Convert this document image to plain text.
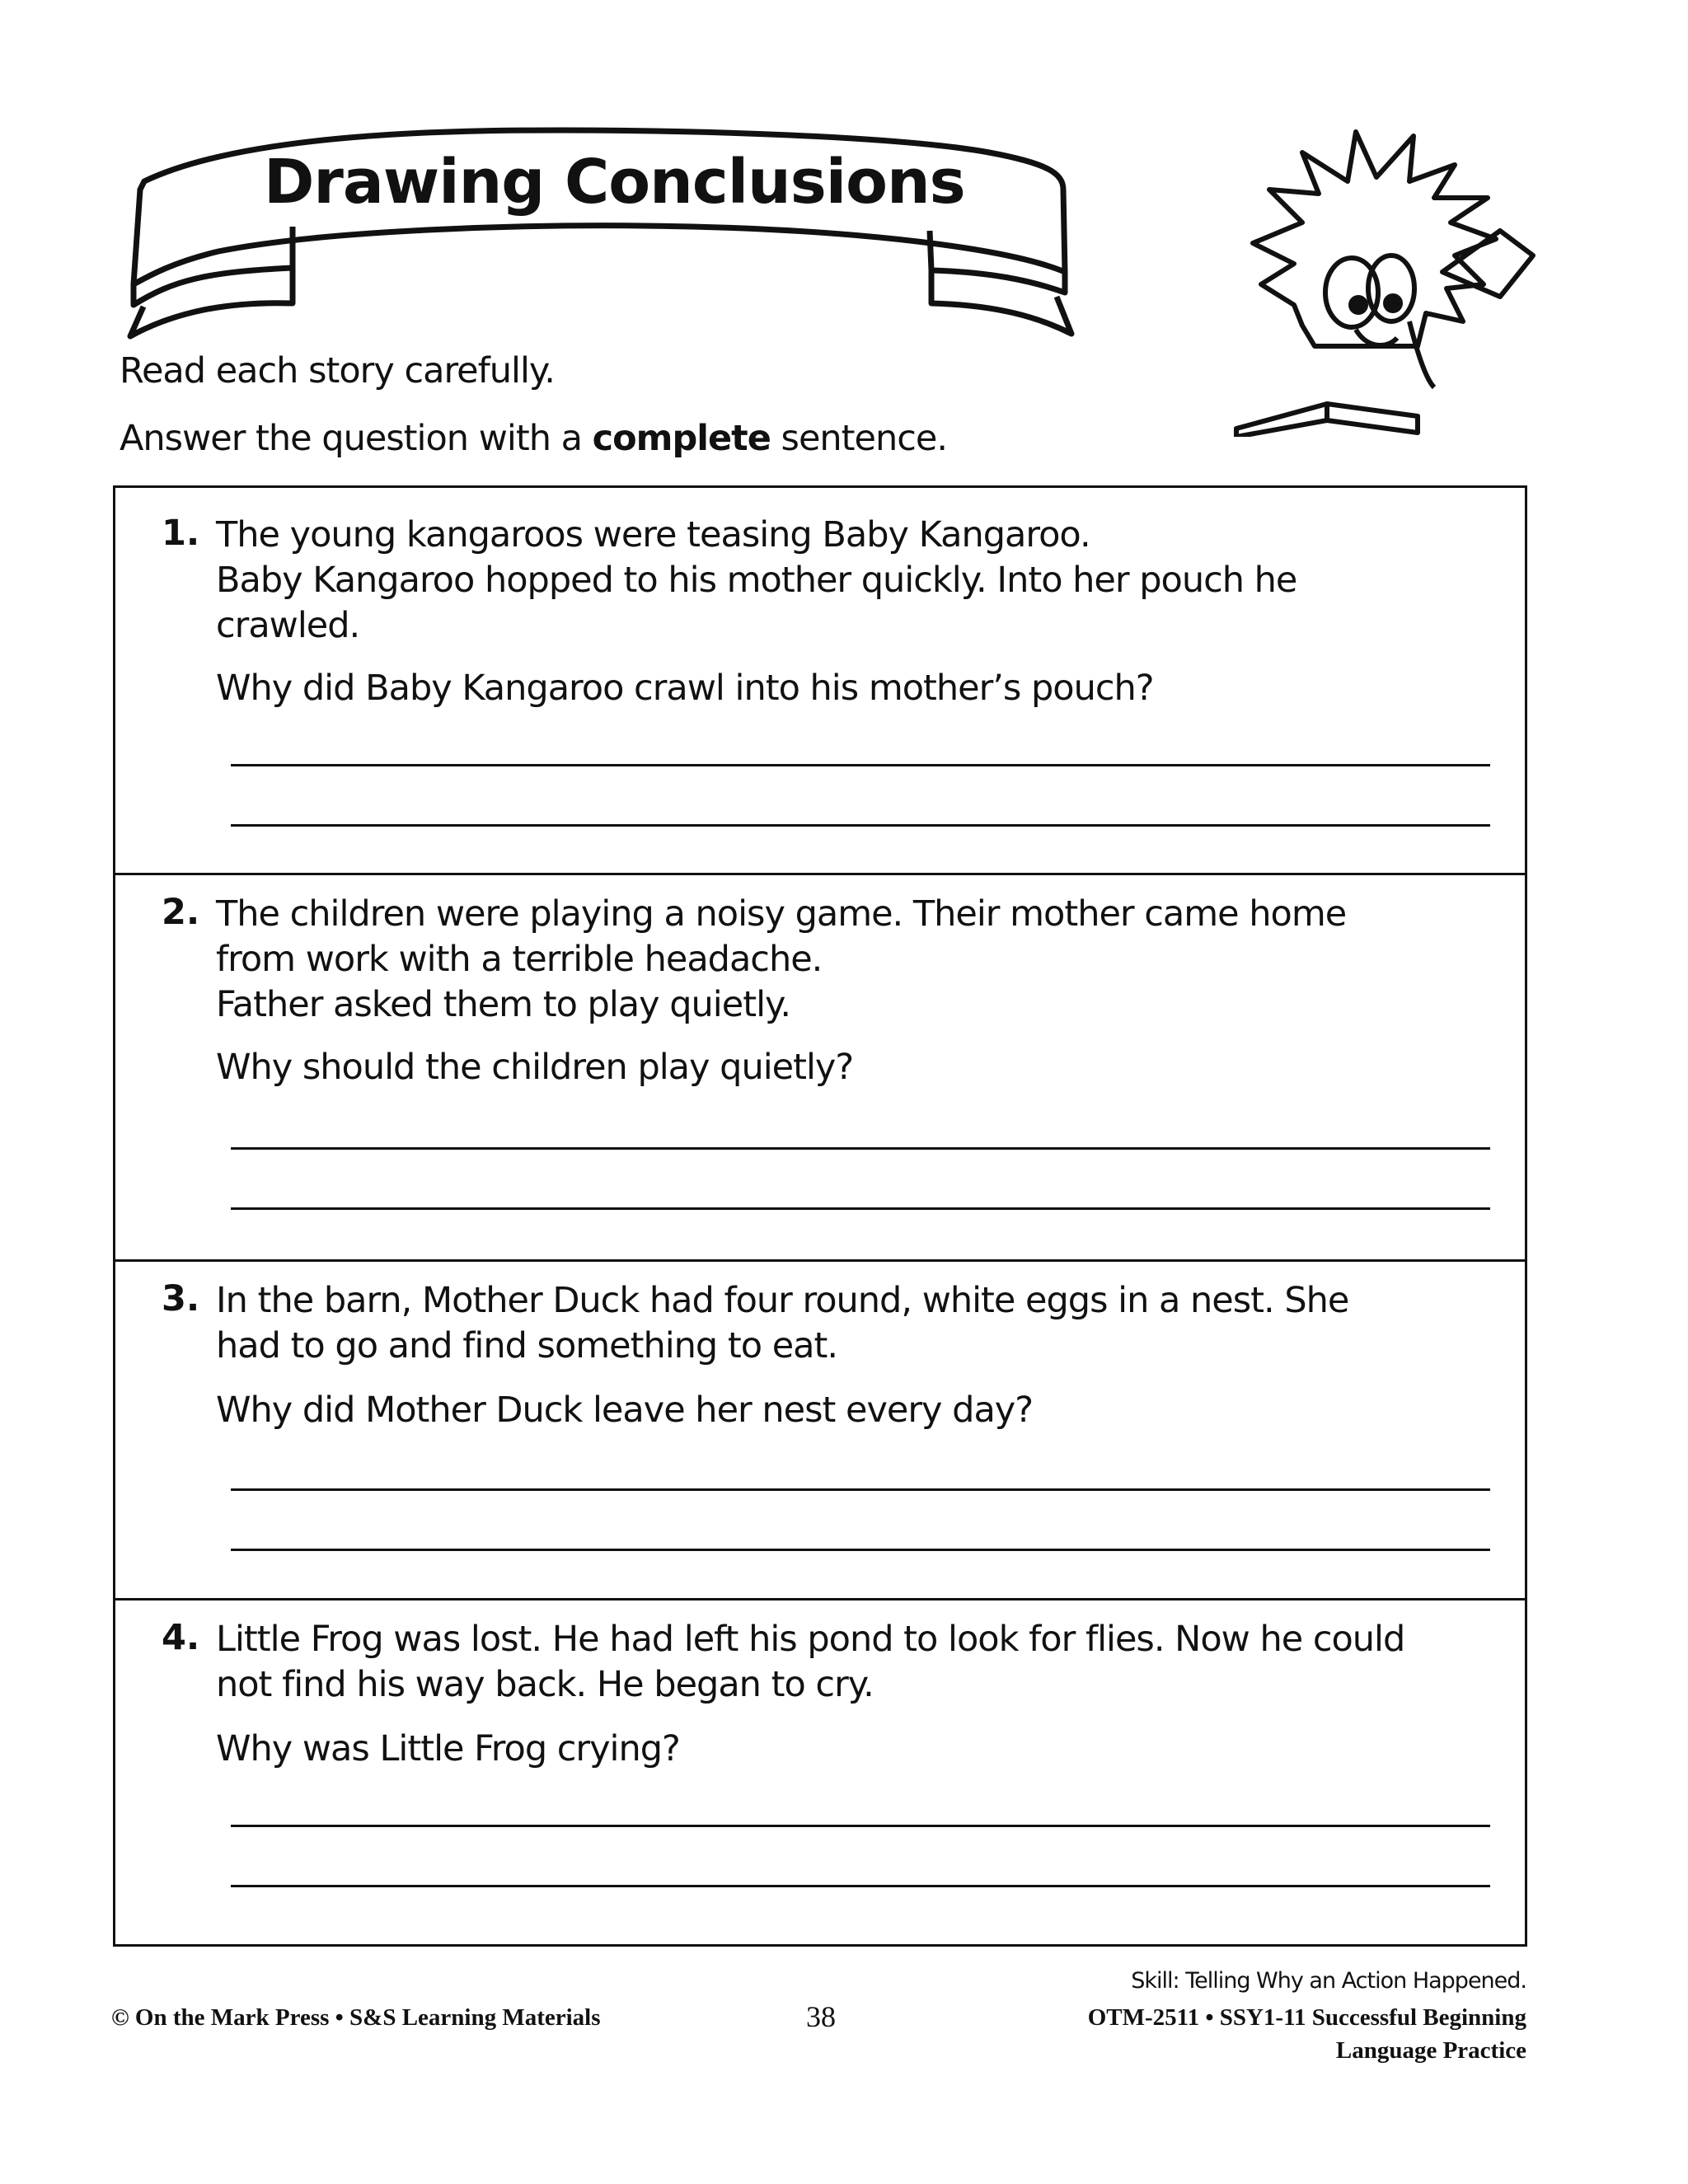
Drawing Conclusions
Read each story carefully.
Answer the question with a complete sentence.
1. The young kangaroos were teasing Baby Kangaroo.
Baby Kangaroo hopped to his mother quickly. Into her pouch he
crawled.
Why did Baby Kangaroo crawl into his mother’s pouch?
2. The children were playing a noisy game. Their mother came home
from work with a terrible headache.
Father asked them to play quietly.
Why should the children play quietly?
3. In the barn, Mother Duck had four round, white eggs in a nest. She
had to go and find something to eat.
Why did Mother Duck leave her nest every day?
4. Little Frog was lost. He had left his pond to look for flies. Now he could
not find his way back. He began to cry.
Why was Little Frog crying?
Skill: Telling Why an Action Happened.
© On the Mark Press • S&S Learning Materials	38	OTM-2511 • SSY1-11 Successful Beginning
Language Practice
